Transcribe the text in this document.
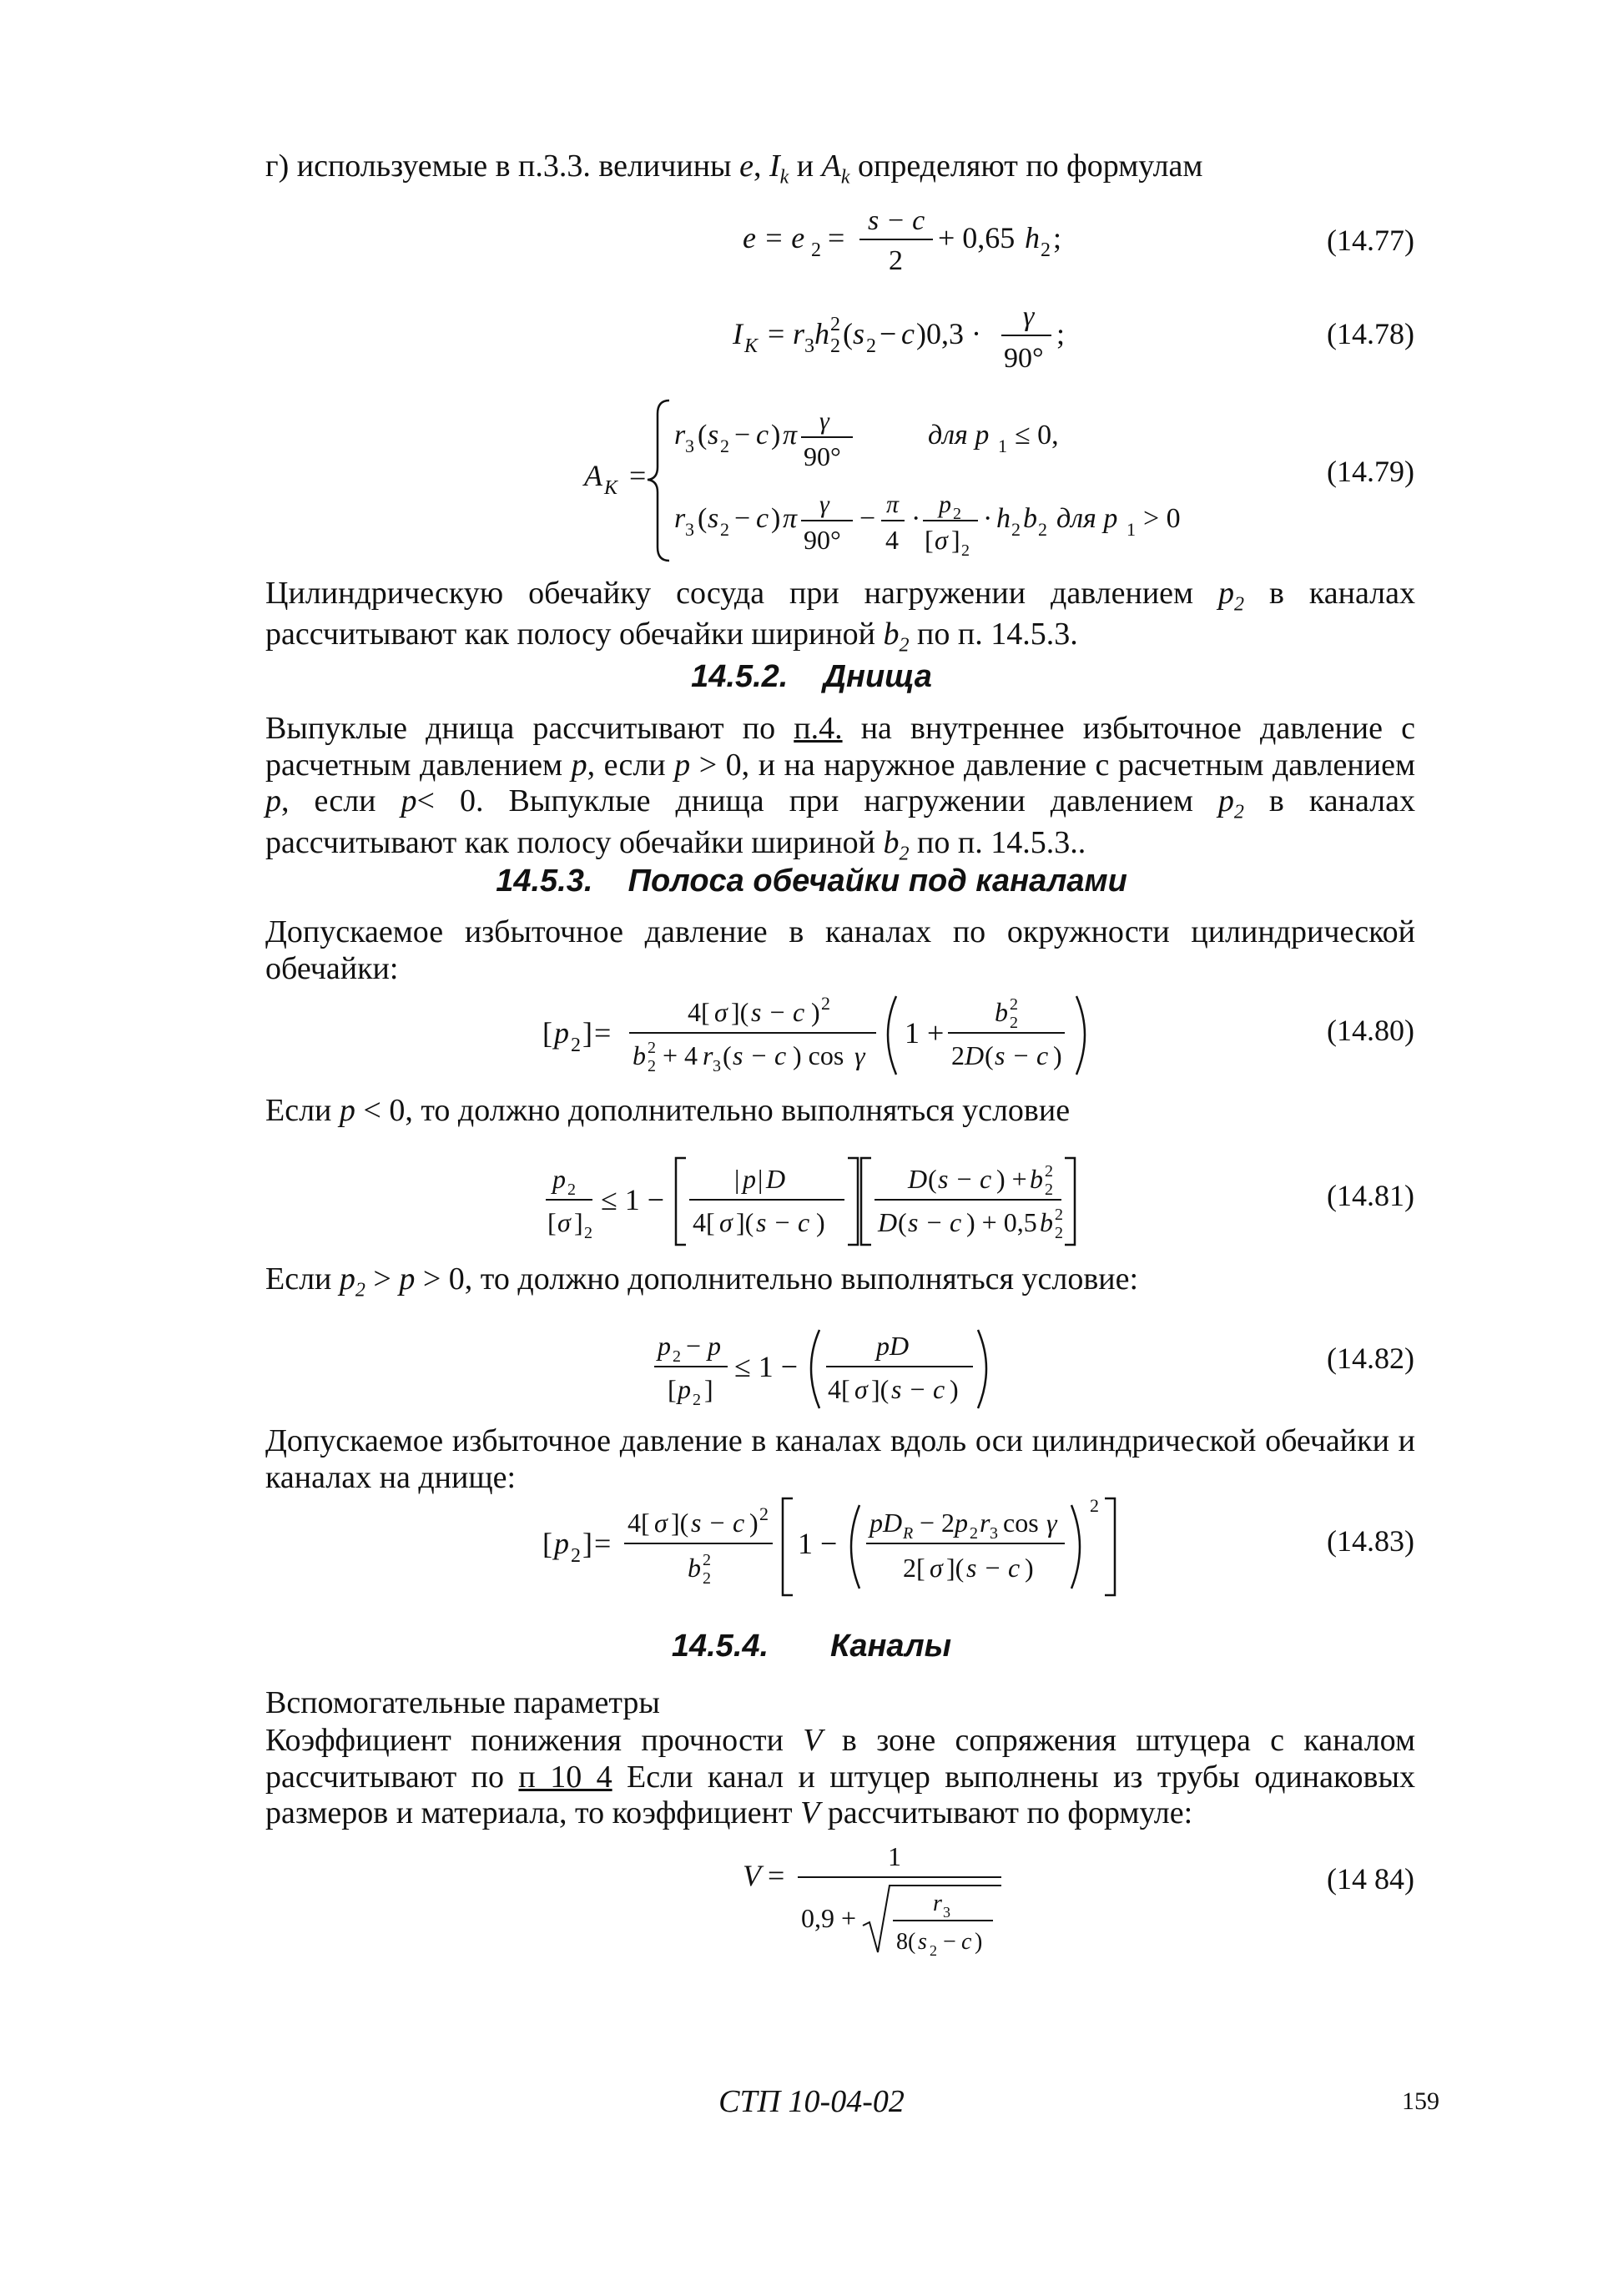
г) используемые в п.3.3. величины e, $I_k$ и $A_k$ определяют по формулам

e = e 2 =
s − c
2
+ 0,65 h 2 ;	(14.77)
I K = r 3 h 2
2 ( s 2 − c )0,3 ·
γ
90°
;	(14.78)
A K =
r 3 ( s 2 − c ) π γ
90°
для p 1 ≤ 0,
r 3 ( s 2 − c ) π γ
90°
− π
4
· p 2
[ σ ] 2
· h 2 b 2 для p 1 > 0
(14.79)

Цилиндрическую обечайку сосуда при нагружении давлением $p_2$ в каналах рассчитывают как полосу обечайки шириной $b_2$ по п. 14.5.3.

14.5.2. Днища

Выпуклые днища рассчитывают по п.4. на внутреннее избыточное давление с расчетным давлением p, если p > 0, и на наружное давление с расчетным давлением p, если p< 0. Выпуклые днища при нагружении давлением $p_2$ в каналах рассчитывают как полосу обечайки шириной $b_2$ по п. 14.5.3..

14.5.3. Полоса обечайки под каналами

Допускаемое избыточное давление в каналах по окружности цилиндрической обечайки:

[ p 2 ] =
4[ σ ]( s − c ) 2
b 2
2 + 4 r 3 ( s − c ) cos γ
1 +
b 2
2
2 D ( s − c )
(14.80)

Если p < 0, то должно дополнительно выполняться условие

p 2
[ σ ] 2
≤ 1 −
| p | D
4[ σ ]( s − c )
D ( s − c ) + b 2
2
D ( s − c ) + 0,5 b 2
2
(14.81)

Если $p_2 > p > 0$, то должно дополнительно выполняться условие:

p 2 − p
[ p 2 ]
≤ 1 −
pD
4[ σ ]( s − c )
(14.82)

Допускаемое избыточное давление в каналах вдоль оси цилиндрической обечайки и каналах на днище:

[ p 2 ] =
4[ σ ]( s − c ) 2
b 2
2
1 −
pD R − 2 p 2 r 3 cos γ
2[ σ ]( s − c )
2
(14.83)
14.5.4. Каналы

Вспомогательные параметры

Коэффициент понижения прочности V в зоне сопряжения штуцера с каналом рассчитывают по п 10 4 Если канал и штуцер выполнены из трубы одинаковых размеров и материала, то коэффициент V рассчитывают по формуле:

V =
1
0,9 +	r 3
8( s 2 − c )
(14 84)
СТП 10-04-02	159
